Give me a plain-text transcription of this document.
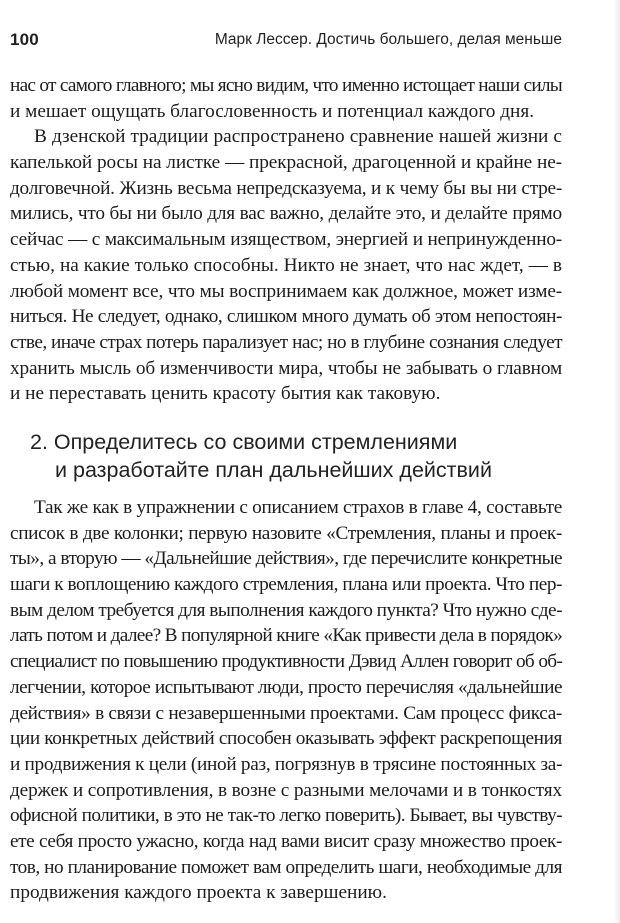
100	Марк Лессер. Достичь большего, делая меньше
нас от самого главного; мы ясно видим, что именно истощает наши силы
и мешает ощущать благословенность и потенциал каждого дня.
В дзенской традиции распространено сравнение нашей жизни с
капелькой росы на листке — прекрасной, драгоценной и крайне не-
долговечной. Жизнь весьма непредсказуема, и к чему бы вы ни стре-
мились, что бы ни было для вас важно, делайте это, и делайте прямо
сейчас — с максимальным изяществом, энергией и непринужденно-
стью, на какие только способны. Никто не знает, что нас ждет, — в
любой момент все, что мы воспринимаем как должное, может изме-
ниться. Не следует, однако, слишком много думать об этом непостоян-
стве, иначе страх потерь парализует нас; но в глубине сознания следует
хранить мысль об изменчивости мира, чтобы не забывать о главном
и не переставать ценить красоту бытия как таковую.
2. Определитесь со своими стремлениями
и разработайте план дальнейших действий
Так же как в упражнении с описанием страхов в главе 4, составьте
список в две колонки; первую назовите «Стремления, планы и проек-
ты», а вторую — «Дальнейшие действия», где перечислите конкретные
шаги к воплощению каждого стремления, плана или проекта. Что пер-
вым делом требуется для выполнения каждого пункта? Что нужно сде-
лать потом и далее? В популярной книге «Как привести дела в порядок»
специалист по повышению продуктивности Дэвид Аллен говорит об об-
легчении, которое испытывают люди, просто перечисляя «дальнейшие
действия» в связи с незавершенными проектами. Сам процесс фикса-
ции конкретных действий способен оказывать эффект раскрепощения
и продвижения к цели (иной раз, погрязнув в трясине постоянных за-
держек и сопротивления, в возне с разными мелочами и в тонкостях
офисной политики, в это не так-то легко поверить). Бывает, вы чувству-
ете себя просто ужасно, когда над вами висит сразу множество проек-
тов, но планирование поможет вам определить шаги, необходимые для
продвижения каждого проекта к завершению.
